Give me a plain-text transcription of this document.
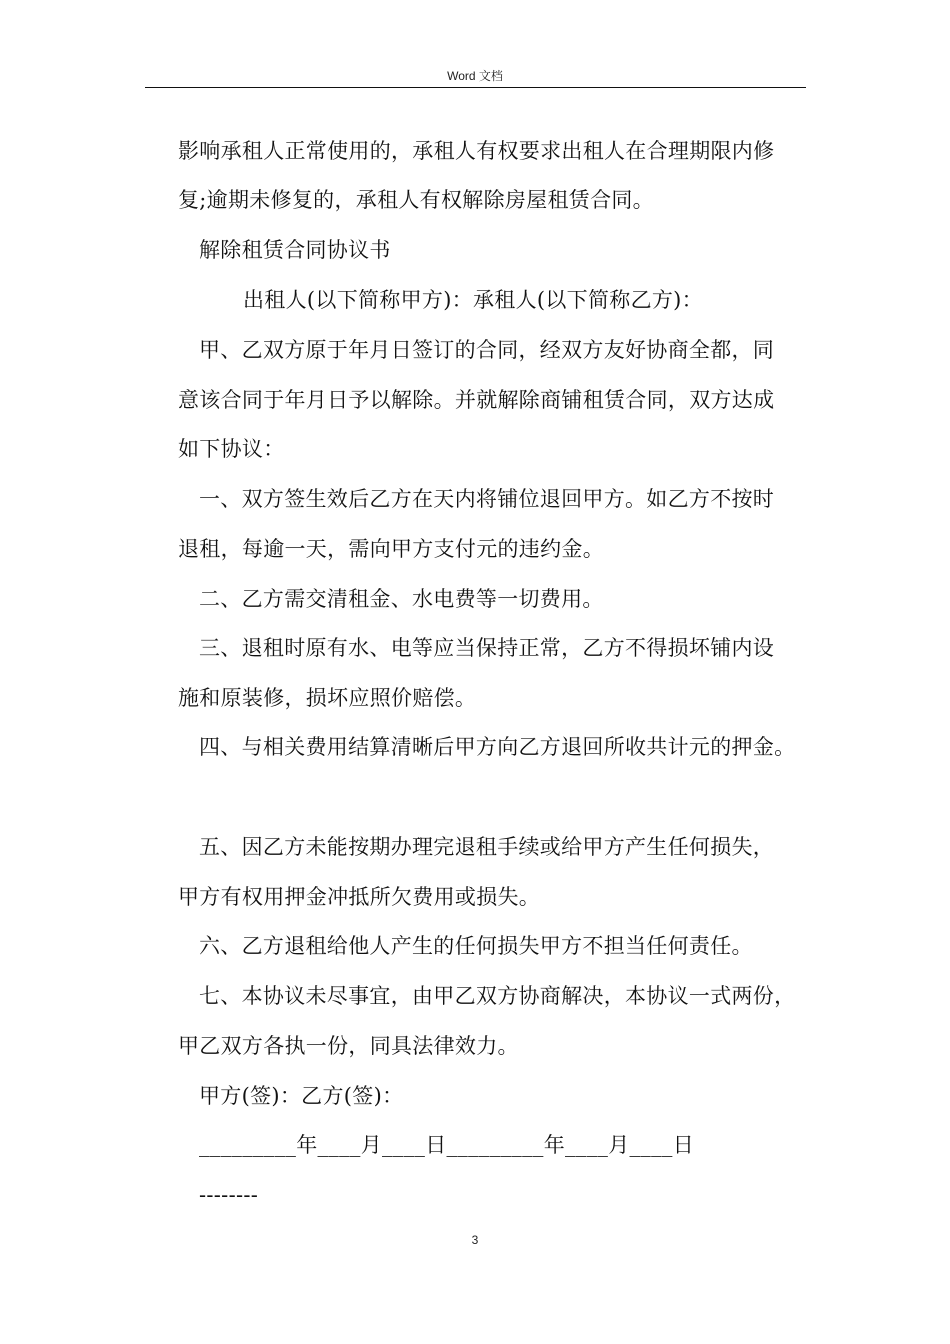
Word 文档
影响承租人正常使用的，承租人有权要求出租人在合理期限内修
复;逾期未修复的，承租人有权解除房屋租赁合同。
解除租赁合同协议书
出租人(以下简称甲方)：承租人(以下简称乙方)：
甲、乙双方原于年月日签订的合同，经双方友好协商全都，同
意该合同于年月日予以解除。并就解除商铺租赁合同，双方达成
如下协议：
一、双方签生效后乙方在天内将铺位退回甲方。如乙方不按时
退租，每逾一天，需向甲方支付元的违约金。
二、乙方需交清租金、水电费等一切费用。
三、退租时原有水、电等应当保持正常，乙方不得损坏铺内设
施和原装修，损坏应照价赔偿。
四、与相关费用结算清晰后甲方向乙方退回所收共计元的押金。
五、因乙方未能按期办理完退租手续或给甲方产生任何损失，
甲方有权用押金冲抵所欠费用或损失。
六、乙方退租给他人产生的任何损失甲方不担当任何责任。
七、本协议未尽事宜，由甲乙双方协商解决，本协议一式两份，
甲乙双方各执一份，同具法律效力。
甲方(签)：乙方(签)：
_________年____月____日_________年____月____日
--------
3
